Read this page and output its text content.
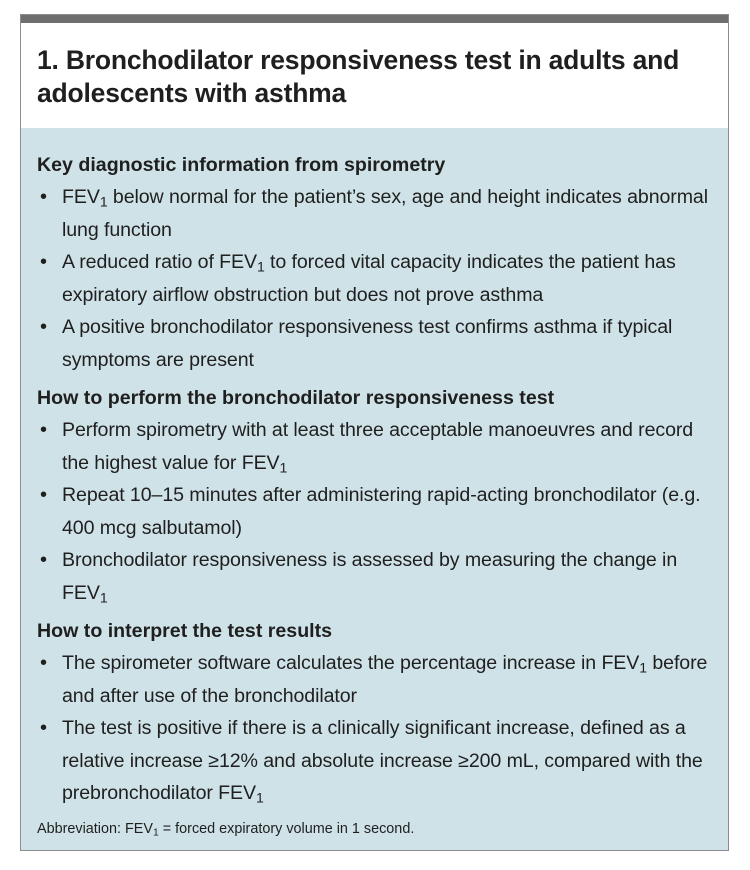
1. Bronchodilator responsiveness test in adults and adolescents with asthma
Key diagnostic information from spirometry
• $FEV_1$ below normal for the patient’s sex, age and height indicates abnormal lung function
• A reduced ratio of $FEV_1$ to forced vital capacity indicates the patient has expiratory airflow obstruction but does not prove asthma
• A positive bronchodilator responsiveness test confirms asthma if typical symptoms are present
How to perform the bronchodilator responsiveness test
• Perform spirometry with at least three acceptable manoeuvres and record the highest value for $FEV_1$
• Repeat 10–15 minutes after administering rapid-acting bronchodilator (e.g. 400 mcg salbutamol)
• Bronchodilator responsiveness is assessed by measuring the change in $FEV_1$
How to interpret the test results
• The spirometer software calculates the percentage increase in $FEV_1$ before and after use of the bronchodilator
• The test is positive if there is a clinically significant increase, defined as a relative increase ≥12% and absolute increase ≥200 mL, compared with the prebronchodilator $FEV_1$
Abbreviation: $FEV_1$ = forced expiratory volume in 1 second.
